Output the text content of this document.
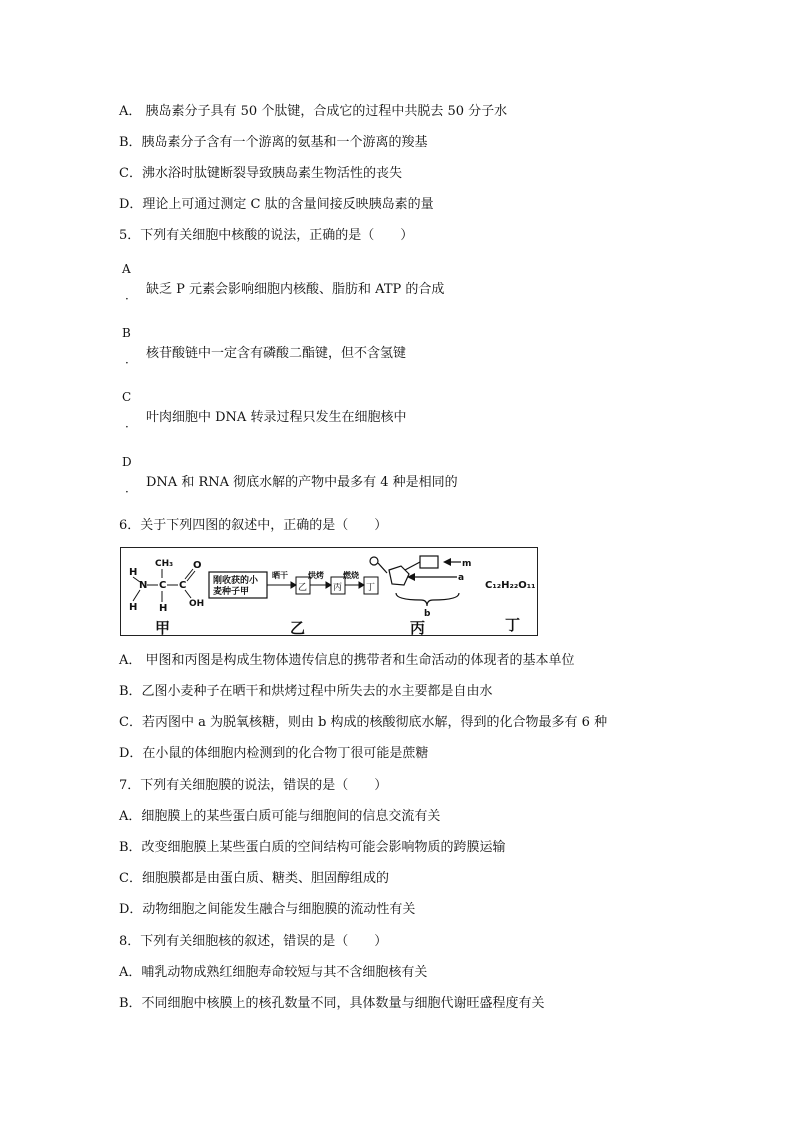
A． 胰岛素分子具有 50 个肽键，合成它的过程中共脱去 50 分子水
B．胰岛素分子含有一个游离的氨基和一个游离的羧基
C．沸水浴时肽键断裂导致胰岛素生物活性的丧失
D．理论上可通过测定 C 肽的含量间接反映胰岛素的量
5．下列有关细胞中核酸的说法，正确的是（　　）
A
缺乏 P 元素会影响细胞内核酸、脂肪和 ATP 的合成
·
B
核苷酸链中一定含有磷酸二酯键，但不含氢键
·
C
叶肉细胞中 DNA 转录过程只发生在细胞核中
·
D
DNA 和 RNA 彻底水解的产物中最多有 4 种是相同的
·
6．关于下列四图的叙述中，正确的是（　　）
H
N
H
CH₃
C
H
C
O
OH
刚收获的小
麦种子甲
晒干	烘烤 燃烧
乙	丙	丁
m
a
b
C₁₂H₂₂O₁₁
甲	乙	丙	丁
A． 甲图和丙图是构成生物体遗传信息的携带者和生命活动的体现者的基本单位
B．乙图小麦种子在晒干和烘烤过程中所失去的水主要都是自由水
C．若丙图中 a 为脱氧核糖，则由 b 构成的核酸彻底水解，得到的化合物最多有 6 种
D．在小鼠的体细胞内检测到的化合物丁很可能是蔗糖
7．下列有关细胞膜的说法，错误的是（　　）
A．细胞膜上的某些蛋白质可能与细胞间的信息交流有关
B．改变细胞膜上某些蛋白质的空间结构可能会影响物质的跨膜运输
C．细胞膜都是由蛋白质、糖类、胆固醇组成的
D．动物细胞之间能发生融合与细胞膜的流动性有关
8．下列有关细胞核的叙述，错误的是（　　）
A．哺乳动物成熟红细胞寿命较短与其不含细胞核有关
B．不同细胞中核膜上的核孔数量不同，具体数量与细胞代谢旺盛程度有关
